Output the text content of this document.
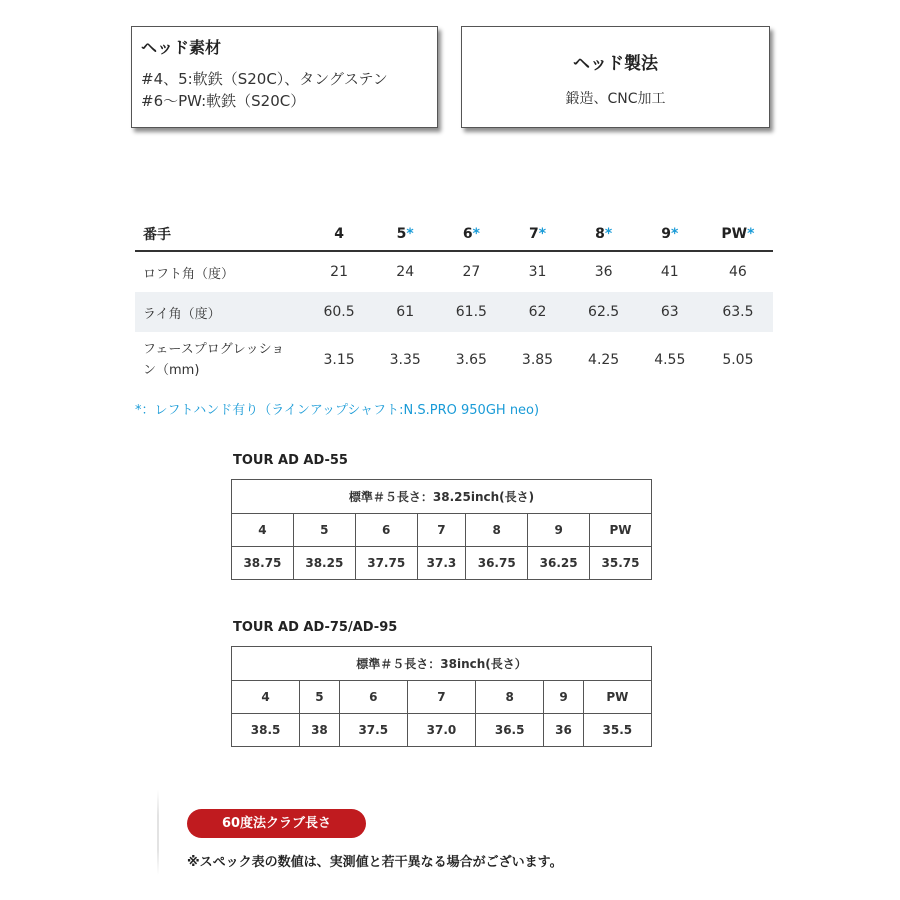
ヘッド素材
#4、5:軟鉄（S20C）、タングステン
#6～PW:軟鉄（S20C）
ヘッド製法
鍛造、CNC加工
番手	4	5*	6*	7*	8*	9*	PW*
ロフト角（度）	21	24	27	31	36	41	46
ライ角（度）	60.5	61	61.5	62	62.5	63	63.5
フェースプログレッション（mm)	3.15	3.35	3.65	3.85	4.25	4.55	5.05
*：レフトハンド有り（ラインアップシャフト:N.S.PRO 950GH neo)
TOUR AD AD-55
標準＃５長さ：38.25inch(長さ)						
4	5	6	7	8	9	PW
38.75	38.25	37.75	37.3	36.75	36.25	35.75
TOUR AD AD-75/AD-95
標準＃５長さ：38inch(長さ）						
4	5	6	7	8	9	PW
38.5	38	37.5	37.0	36.5	36	35.5
60度法クラブ長さ
※スペック表の数値は、実測値と若干異なる場合がございます。
